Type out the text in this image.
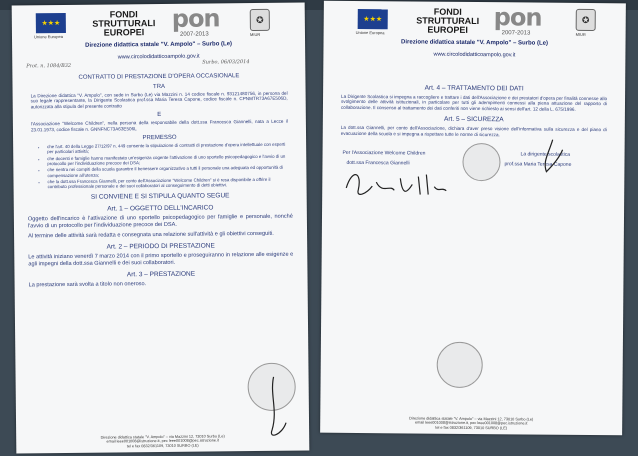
★★★
Unione Europea
FONDI STRUTTURALI EUROPEI	pon
2007-2013
✪
MIUR
Direzione didattica statale "V. Ampolo" – Surbo (Le)
www.circolodidatticoampolo.gov.it
Prot. n. 1084/B32
Surbo, 06/03/2014
CONTRATTO DI PRESTAZIONE D'OPERA OCCASIONALE
TRA
La Direzione didattica "V. Ampolo", con sede in Surbo (Le) via Mazzini n. 14 codice fiscale n. 93121480756, in persona del suo legale rappresentante, la Dirigente Scolastica prof.ssa Maria Teresa Capone, codice fiscale n. CPNMTR73A67E506D, autorizzata alla stipula del presente contratto
E
l'Associazione "Welcome Children", nella persona della responsabile della dott.ssa Francesca Giannelli, nata a Lecce il 23.01.1973, codice fiscale n. GNNFNC73A63E506L
PREMESSO
• che l'art. 40 della Legge 27/12/97 n. 449 consente la stipulazione di contratti di prestazione d'opera intellettuale con esperti per particolari attività;
• che docenti e famiglie hanno manifestato un'esigenza cogente l'attivazione di uno sportello psicopedagogico e l'avvio di un protocollo per l'individuazione precoce dei DSA;
• che rientra nei compiti della scuola garantire il benessere organizzativo a tutti il personale una adeguata ed opportunità di compensazione all'utenza;
• che la dott.ssa Francesca Giannelli, per conto dell'Associazione "Welcome Children" si è resa disponibile a offrire il contributo professionale personale e dei suoi collaboratori al conseguimento di detti obiettivi.
SI CONVIENE E SI STIPULA QUANTO SEGUE
Art. 1 – OGGETTO DELL'INCARICO
Oggetto dell'incarico è l'attivazione di uno sportello psicopedagogico per famiglie e personale, nonché l'avvio di un protocollo per l'individuazione precoce dei DSA.
Al termine delle attività sarà redatta e consegnata una relazione sull'attività e gli obiettivi conseguiti.
Art. 2 – PERIODO DI PRESTAZIONE
Le attività iniziano venerdì 7 marzo 2014 con il primo sportello e proseguiranno in relazione alle esigenze e agli impegni della dott.ssa Giannelli e dei suoi collaboratori.
Art. 3 – PRESTAZIONE
La prestazione sarà svolta a titolo non oneroso.
Direzione didattica statale "V. Ampolo" – via Mazzini 12, 73010 Surbo (Le)
email leee001008@istruzione.it, pec leee001008@pec.istruzione.it
tel e fax 0832/361109, 73010 SURBO (LE)
★★★
Unione Europea
FONDI STRUTTURALI EUROPEI	pon
2007-2013
✪
MIUR
Direzione didattica statale "V. Ampolo" – Surbo (Le)
www.circolodidatticoampolo.gov.it
Art. 4 – TRATTAMENTO DEI DATI
La Dirigente Scolastica si impegna a raccogliere e trattare i dati dell'Associazione e dei prestatori d'opera per finalità connesse allo svolgimento delle attività istituzionali, in particolare per tutti gli adempimenti connessi alla piena attuazione del rapporto di collaborazione. Il consenso al trattamento dei dati conferiti non viene richiesto ai sensi dell'art. 12 della L. 675/1996.
Art. 5 – SICUREZZA
La dott.ssa Giannelli, per conto dell'Associazione, dichiara d'aver preso visione dell'informativa sulla sicurezza e del piano di evacuazione della scuola e si impegna a rispettare tutte le norme di sicurezza.
Per l'Associazione Welcome Children
dott.ssa Francesca Giannelli
La dirigente scolastica
prof.ssa Maria Teresa Capone
Direzione didattica statale "V. Ampolo" – via Mazzini 12, 73010 Surbo (Le)
email leee001008@istruzione.it, pec leee001008@pec.istruzione.it
tel e fax 0832/361109, 73010 SURBO (LE)
